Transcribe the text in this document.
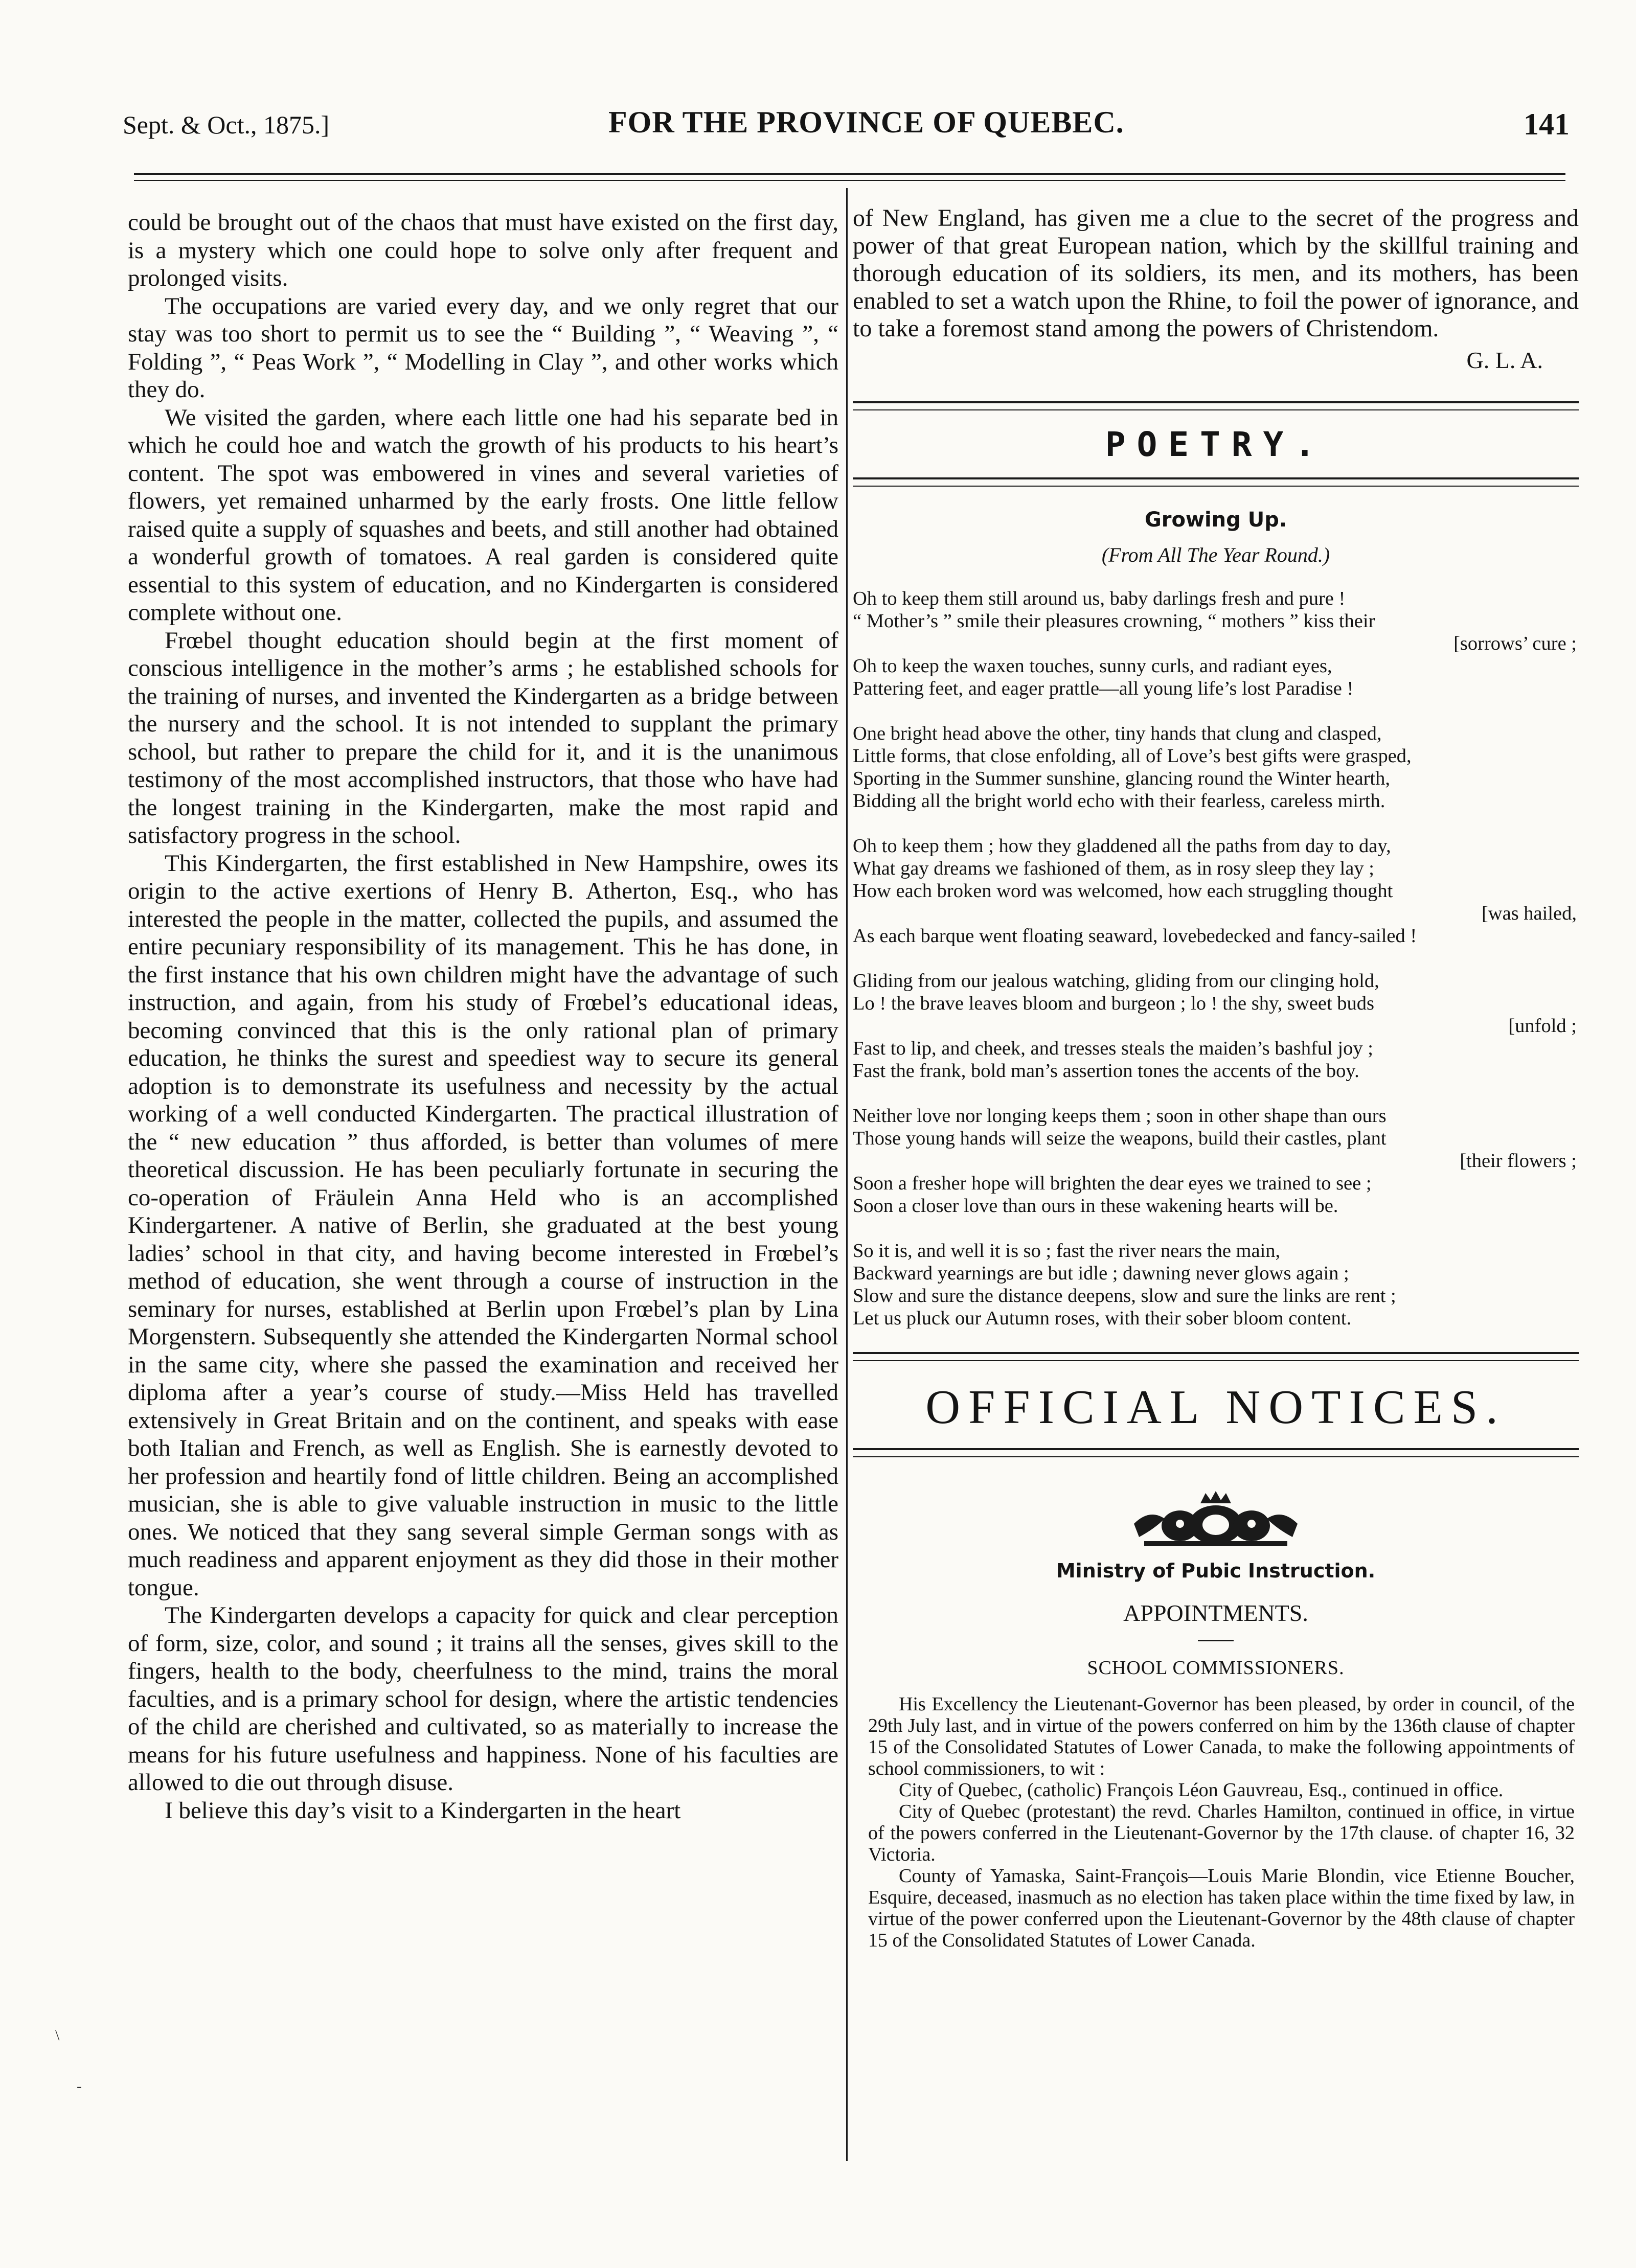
Sept. & Oct., 1875.]	FOR THE PROVINCE OF QUEBEC.	141

could be brought out of the chaos that must have existed on the first day, is a mystery which one could hope to solve only after frequent and prolonged visits.

The occupations are varied every day, and we only regret that our stay was too short to permit us to see the “ Building ”, “ Weaving ”, “ Folding ”, “ Peas Work ”, “ Modelling in Clay ”, and other works which they do.

We visited the garden, where each little one had his separate bed in which he could hoe and watch the growth of his products to his heart’s content. The spot was embowered in vines and several varieties of flowers, yet remained unharmed by the early frosts. One little fellow raised quite a supply of squashes and beets, and still another had obtained a wonderful growth of tomatoes. A real garden is considered quite essential to this system of education, and no Kindergarten is considered complete without one.

Frœbel thought education should begin at the first moment of conscious intelligence in the mother’s arms ; he established schools for the training of nurses, and invented the Kindergarten as a bridge between the nursery and the school. It is not intended to supplant the primary school, but rather to prepare the child for it, and it is the unanimous testimony of the most accomplished instructors, that those who have had the longest training in the Kindergarten, make the most rapid and satisfactory progress in the school.

This Kindergarten, the first established in New Hampshire, owes its origin to the active exertions of Henry B. Atherton, Esq., who has interested the people in the matter, collected the pupils, and assumed the entire pecuniary responsibility of its management. This he has done, in the first instance that his own children might have the advantage of such instruction, and again, from his study of Frœbel’s educational ideas, becoming convinced that this is the only rational plan of primary education, he thinks the surest and speediest way to secure its general adoption is to demonstrate its usefulness and necessity by the actual working of a well conducted Kindergarten. The practical illustration of the “ new education ” thus afforded, is better than volumes of mere theoretical discussion. He has been peculiarly fortunate in securing the co-operation of Fräulein Anna Held who is an accomplished Kindergartener. A native of Berlin, she graduated at the best young ladies’ school in that city, and having become interested in Frœbel’s method of education, she went through a course of instruction in the seminary for nurses, established at Berlin upon Frœbel’s plan by Lina Morgenstern. Subsequently she attended the Kindergarten Normal school in the same city, where she passed the examination and received her diploma after a year’s course of study.—Miss Held has travelled extensively in Great Britain and on the continent, and speaks with ease both Italian and French, as well as English. She is earnestly devoted to her profession and heartily fond of little children. Being an accomplished musician, she is able to give valuable instruction in music to the little ones. We noticed that they sang several simple German songs with as much readiness and apparent enjoyment as they did those in their mother tongue.

The Kindergarten develops a capacity for quick and clear perception of form, size, color, and sound ; it trains all the senses, gives skill to the fingers, health to the body, cheerfulness to the mind, trains the moral faculties, and is a primary school for design, where the artistic tendencies of the child are cherished and cultivated, so as materially to increase the means for his future usefulness and happiness. None of his faculties are allowed to die out through disuse.

I believe this day’s visit to a Kindergarten in the heart

of New England, has given me a clue to the secret of the progress and power of that great European nation, which by the skillful training and thorough education of its soldiers, its men, and its mothers, has been enabled to set a watch upon the Rhine, to foil the power of ignorance, and to take a foremost stand among the powers of Christendom.

G. L. A.
POETRY.
Growing Up.
(From All The Year Round.)
Oh to keep them still around us, baby darlings fresh and pure !
“ Mother’s ” smile their pleasures crowning, “ mothers ” kiss their
[sorrows’ cure ;
Oh to keep the waxen touches, sunny curls, and radiant eyes,
Pattering feet, and eager prattle—all young life’s lost Paradise !
One bright head above the other, tiny hands that clung and clasped,
Little forms, that close enfolding, all of Love’s best gifts were grasped,
Sporting in the Summer sunshine, glancing round the Winter hearth,
Bidding all the bright world echo with their fearless, careless mirth.
Oh to keep them ; how they gladdened all the paths from day to day,
What gay dreams we fashioned of them, as in rosy sleep they lay ;
How each broken word was welcomed, how each struggling thought
[was hailed,
As each barque went floating seaward, lovebedecked and fancy-sailed !
Gliding from our jealous watching, gliding from our clinging hold,
Lo ! the brave leaves bloom and burgeon ; lo ! the shy, sweet buds
[unfold ;
Fast to lip, and cheek, and tresses steals the maiden’s bashful joy ;
Fast the frank, bold man’s assertion tones the accents of the boy.
Neither love nor longing keeps them ; soon in other shape than ours
Those young hands will seize the weapons, build their castles, plant
[their flowers ;
Soon a fresher hope will brighten the dear eyes we trained to see ;
Soon a closer love than ours in these wakening hearts will be.
So it is, and well it is so ; fast the river nears the main,
Backward yearnings are but idle ; dawning never glows again ;
Slow and sure the distance deepens, slow and sure the links are rent ;
Let us pluck our Autumn roses, with their sober bloom content.
OFFICIAL NOTICES.
Ministry of Pubic Instruction.
APPOINTMENTS.
SCHOOL COMMISSIONERS.

His Excellency the Lieutenant-Governor has been pleased, by order in council, of the 29th July last, and in virtue of the powers conferred on him by the 136th clause of chapter 15 of the Consolidated Statutes of Lower Canada, to make the following appointments of school commissioners, to wit :

City of Quebec, (catholic) François Léon Gauvreau, Esq., continued in office.

City of Quebec (protestant) the revd. Charles Hamilton, continued in office, in virtue of the powers conferred in the Lieutenant-Governor by the 17th clause. of chapter 16, 32 Victoria.

County of Yamaska, Saint-François—Louis Marie Blondin, vice Etienne Boucher, Esquire, deceased, inasmuch as no election has taken place within the time fixed by law, in virtue of the power conferred upon the Lieutenant-Governor by the 48th clause of chapter 15 of the Consolidated Statutes of Lower Canada.

\
-
